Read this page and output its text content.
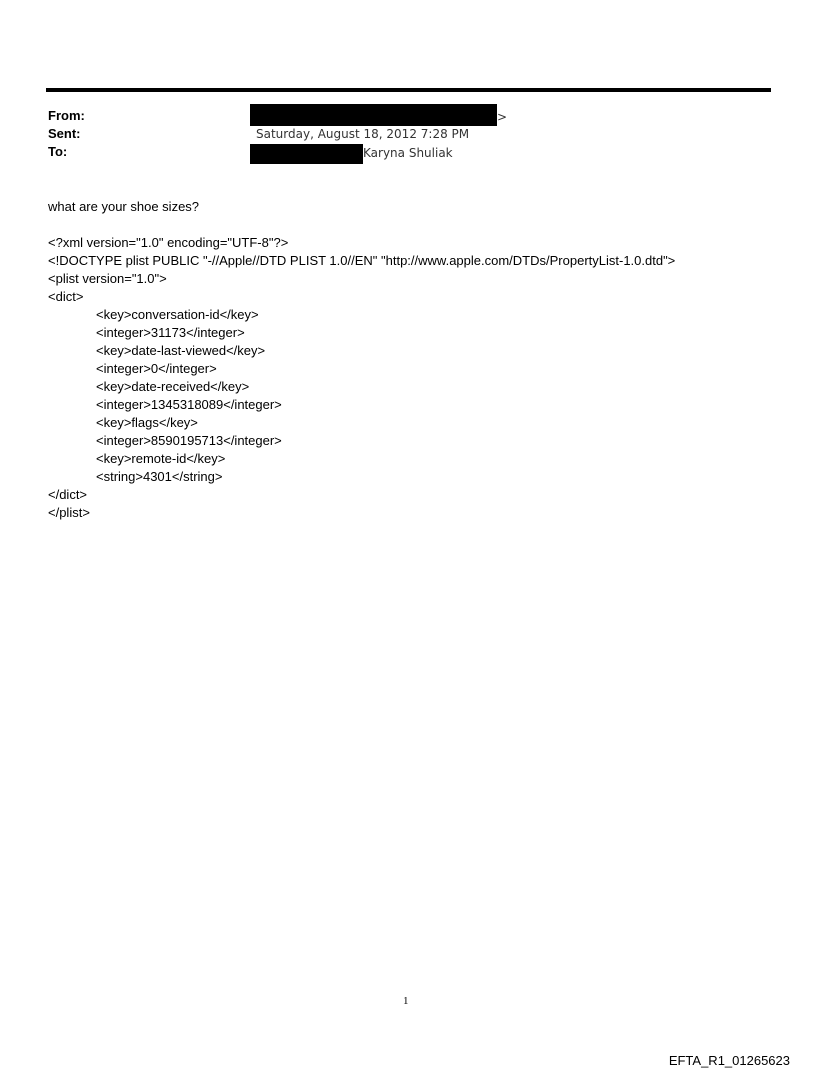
From:	>
Sent:	Saturday, August 18, 2012 7:28 PM
To:	Karyna Shuliak
what are your shoe sizes?
<?xml version="1.0" encoding="UTF-8"?>
<!DOCTYPE plist PUBLIC "-//Apple//DTD PLIST 1.0//EN" "http://www.apple.com/DTDs/PropertyList-1.0.dtd">
<plist version="1.0">
<dict>
<key>conversation-id</key>
<integer>31173</integer>
<key>date-last-viewed</key>
<integer>0</integer>
<key>date-received</key>
<integer>1345318089</integer>
<key>flags</key>
<integer>8590195713</integer>
<key>remote-id</key>
<string>4301</string>
</dict>
</plist>
1
EFTA_R1_01265623
